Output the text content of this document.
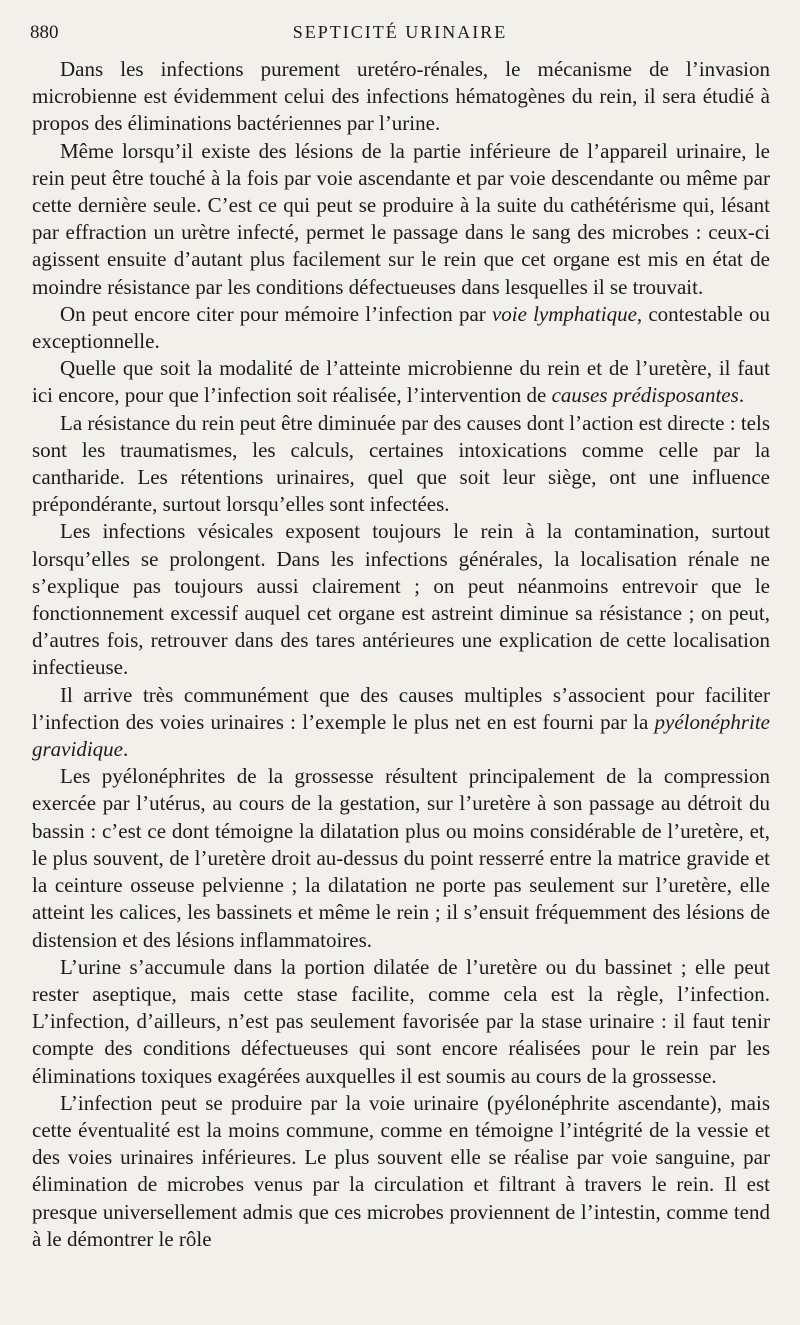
880	SEPTICITÉ URINAIRE

Dans les infections purement uretéro-rénales, le mécanisme de l’invasion microbienne est évidemment celui des infections hématogènes du rein, il sera étudié à propos des éliminations bactériennes par l’urine.

Même lorsqu’il existe des lésions de la partie inférieure de l’appareil urinaire, le rein peut être touché à la fois par voie ascendante et par voie descendante ou même par cette dernière seule. C’est ce qui peut se produire à la suite du cathétérisme qui, lésant par effraction un urètre infecté, permet le passage dans le sang des microbes : ceux-ci agissent ensuite d’autant plus facilement sur le rein que cet organe est mis en état de moindre résistance par les conditions défectueuses dans lesquelles il se trouvait.

On peut encore citer pour mémoire l’infection par voie lymphatique, contestable ou exceptionnelle.

Quelle que soit la modalité de l’atteinte microbienne du rein et de l’uretère, il faut ici encore, pour que l’infection soit réalisée, l’intervention de causes prédisposantes.

La résistance du rein peut être diminuée par des causes dont l’action est directe : tels sont les traumatismes, les calculs, certaines intoxications comme celle par la cantharide. Les rétentions urinaires, quel que soit leur siège, ont une influence prépondérante, surtout lorsqu’elles sont infectées.

Les infections vésicales exposent toujours le rein à la contamination, surtout lorsqu’elles se prolongent. Dans les infections générales, la localisation rénale ne s’explique pas toujours aussi clairement ; on peut néanmoins entrevoir que le fonctionnement excessif auquel cet organe est astreint diminue sa résistance ; on peut, d’autres fois, retrouver dans des tares antérieures une explication de cette localisation infectieuse.

Il arrive très communément que des causes multiples s’associent pour faciliter l’infection des voies urinaires : l’exemple le plus net en est fourni par la pyélonéphrite gravidique.

Les pyélonéphrites de la grossesse résultent principalement de la compression exercée par l’utérus, au cours de la gestation, sur l’uretère à son passage au détroit du bassin : c’est ce dont témoigne la dilatation plus ou moins considérable de l’uretère, et, le plus souvent, de l’uretère droit au-dessus du point resserré entre la matrice gravide et la ceinture osseuse pelvienne ; la dilatation ne porte pas seulement sur l’uretère, elle atteint les calices, les bassinets et même le rein ; il s’ensuit fréquemment des lésions de distension et des lésions inflammatoires.

L’urine s’accumule dans la portion dilatée de l’uretère ou du bassinet ; elle peut rester aseptique, mais cette stase facilite, comme cela est la règle, l’infection. L’infection, d’ailleurs, n’est pas seulement favorisée par la stase urinaire : il faut tenir compte des conditions défectueuses qui sont encore réalisées pour le rein par les éliminations toxiques exagérées auxquelles il est soumis au cours de la grossesse.

L’infection peut se produire par la voie urinaire (pyélonéphrite ascendante), mais cette éventualité est la moins commune, comme en témoigne l’intégrité de la vessie et des voies urinaires inférieures. Le plus souvent elle se réalise par voie sanguine, par élimination de microbes venus par la circulation et filtrant à travers le rein. Il est presque universellement admis que ces microbes proviennent de l’intestin, comme tend à le démontrer le rôle
